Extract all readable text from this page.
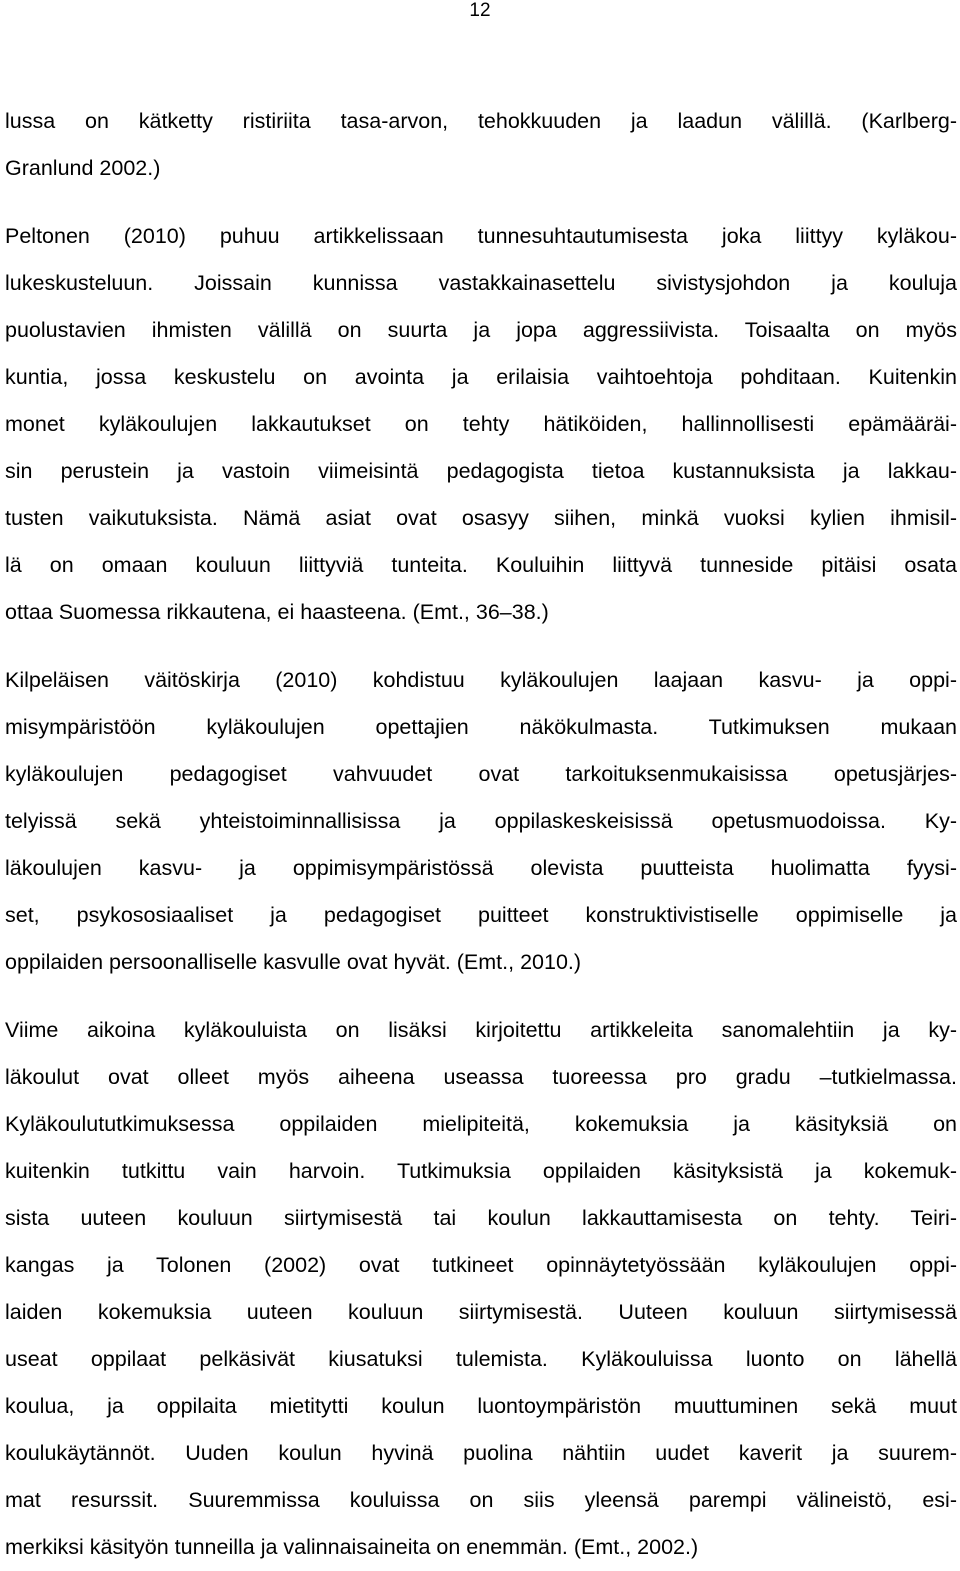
12
lussa on kätketty ristiriita tasa-arvon, tehokkuuden ja laadun välillä. (Karlberg-
Granlund 2002.)
Peltonen (2010) puhuu artikkelissaan tunnesuhtautumisesta joka liittyy kyläkou-
lukeskusteluun. Joissain kunnissa vastakkainasettelu sivistysjohdon ja kouluja
puolustavien ihmisten välillä on suurta ja jopa aggressiivista. Toisaalta on myös
kuntia, jossa keskustelu on avointa ja erilaisia vaihtoehtoja pohditaan. Kuitenkin
monet kyläkoulujen lakkautukset on tehty hätiköiden, hallinnollisesti epämääräi-
sin perustein ja vastoin viimeisintä pedagogista tietoa kustannuksista ja lakkau-
tusten vaikutuksista. Nämä asiat ovat osasyy siihen, minkä vuoksi kylien ihmisil-
lä on omaan kouluun liittyviä tunteita. Kouluihin liittyvä tunneside pitäisi osata
ottaa Suomessa rikkautena, ei haasteena. (Emt., 36–38.)
Kilpeläisen väitöskirja (2010) kohdistuu kyläkoulujen laajaan kasvu- ja oppi-
misympäristöön kyläkoulujen opettajien näkökulmasta. Tutkimuksen mukaan
kyläkoulujen pedagogiset vahvuudet ovat tarkoituksenmukaisissa opetusjärjes-
telyissä sekä yhteistoiminnallisissa ja oppilaskeskeisissä opetusmuodoissa. Ky-
läkoulujen kasvu- ja oppimisympäristössä olevista puutteista huolimatta fyysi-
set, psykososiaaliset ja pedagogiset puitteet konstruktivistiselle oppimiselle ja
oppilaiden persoonalliselle kasvulle ovat hyvät. (Emt., 2010.)
Viime aikoina kyläkouluista on lisäksi kirjoitettu artikkeleita sanomalehtiin ja ky-
läkoulut ovat olleet myös aiheena useassa tuoreessa pro gradu –tutkielmassa.
Kyläkoulututkimuksessa oppilaiden mielipiteitä, kokemuksia ja käsityksiä on
kuitenkin tutkittu vain harvoin. Tutkimuksia oppilaiden käsityksistä ja kokemuk-
sista uuteen kouluun siirtymisestä tai koulun lakkauttamisesta on tehty. Teiri-
kangas ja Tolonen (2002) ovat tutkineet opinnäytetyössään kyläkoulujen oppi-
laiden kokemuksia uuteen kouluun siirtymisestä. Uuteen kouluun siirtymisessä
useat oppilaat pelkäsivät kiusatuksi tulemista. Kyläkouluissa luonto on lähellä
koulua, ja oppilaita mietitytti koulun luontoympäristön muuttuminen sekä muut
koulukäytännöt. Uuden koulun hyvinä puolina nähtiin uudet kaverit ja suurem-
mat resurssit. Suuremmissa kouluissa on siis yleensä parempi välineistö, esi-
merkiksi käsityön tunneilla ja valinnaisaineita on enemmän. (Emt., 2002.)
